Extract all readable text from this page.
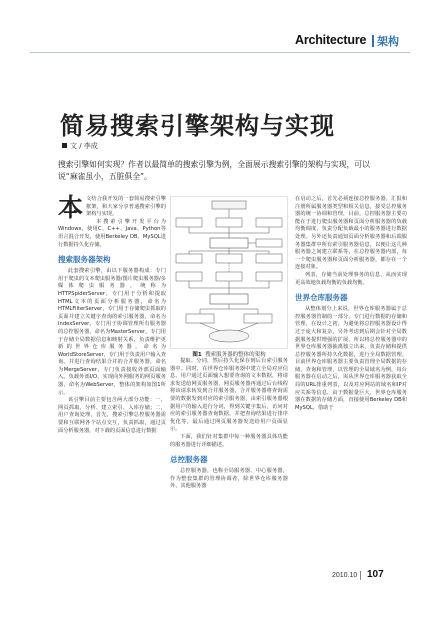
Architecture 架构
简易搜索引擎架构与实现
文 / 李成
搜索引擎如何实现？作者以最简单的搜索引擎为例，全面展示搜索引擎的架构与实现，可以说“麻雀虽小，五脏俱全”。
本 文结合我开发的一套简易搜索引擎框架，和大家分享普通搜索引擎的架构与实现。

本搜索引擎开发平台为Windows，使用C、C++、Java、Python等语言混合开发，使用Berkeley DB、MySQL进行数据持久化存储。

搜索服务器架构

此套搜索引擎，由以下服务器构成：专门用于爬虫的文本爬虫服务器/图片爬虫服务器/多媒体爬虫服务器，统称为HTTPSpiderServer，专门用于分析和提取HTML文本的页面分析服务器，命名为HTMLFilterServer，专门用于存储爬虫抓取的页面并建立关键字查询的索引服务器，命名为IndexServer，专门用于协调管理所有服务器的总控服务器，命名为MasterServer，专门用于存储全局数据信息和映射关系，负责维护更新的世界仓库服务器，命名为WorldStoreServer，专门用于负责用户输入查询，并进行查询结果合并的合并服务器，命名为MergeServer，专门负责接收外部页面输入，负载外部I/O，实现向外网服务的网页服务器，命名为WebServer，整体的架构如图1所示。

该引擎目前主要包含两大部分功能：一，网页抓取、分析、建立索引、入库存储；二，用户查询处理，首先，搜索引擎总控服务器需要和互联网各个站点交互，负责抓取，通过页面分析服务器，对下载的页面信息进行数据

图1 搜索服务器的整体的架构

提取、分词，然后持久化保存到后台索引服务器中。同时，在世界仓库服务器中建立全局对应信息。用户通过页面输入想要查询的文本数据，将请求发送给网页服务器，网页服务器再通过后台线程将该请求转发到合并服务器，合并服务器将查询需要的数据发到对应的索引服务器，由索引服务器根据用户的输入进行分词，得到关键字集后，访问对应的索引服务器查询数据，并把查询结果进行排序优化等，最后通过网页服务器发送给用户页面显示。

下面，我们针对集群中每一种服务器具体功能的服务器进行详细描述。

总控服务器

总控服务器，也称全局服务器、中心服务器，作为整套集群的管理协调者，除世界仓库服务器外，其他服务器

在启动之后，首先必须连接总控服务器，汇报和注册所属服务器类型和相关信息，接受总控服务器的统一协调和管理，目前，总控服务器主要功能在于进行爬虫服务器和页面分析服务器的负载均衡调度，负责分配负载最小的服务器进行数据处理。另外还负责通知页面分析服务器和后端服务器集群中所有索引服务器信息，以便让这几种服务器之间建立联系等，在总控服务器内部，每一个爬虫服务器和页面分析服务器，都存在一个连接对象。

列表，存储当前处理事务的信息，从而实现更高效地负载均衡的负载均衡。

世界仓库服务器

从整体划分上来说，世界仓库服务器属于总控服务器管制的一部分，专门进行数据的存储和管理，在设计之初，为避免将总控服务器设计得过于庞大和复杂，另外考虑到后期会针对全局数据服务提供增强的扩展，所以将总控服务器中的世界仓库服务器抽离独立出来，负责存储和提供总控服务器所持久化数据，进行全局数据管理。目前世界仓库服务器主要负责管理全局数据的存储、查询和管理，以管理的全局域名为例，每台服务器在启动之后，需从世界仓库服务器获取全局的URL排重列表，以及对应网站的域名和IP对应关系等信息，由于数据量巨大，世界仓库服务器在数据的存储方面，直接使用Berkeley DB和MySQL，借助于

2010.10 107
